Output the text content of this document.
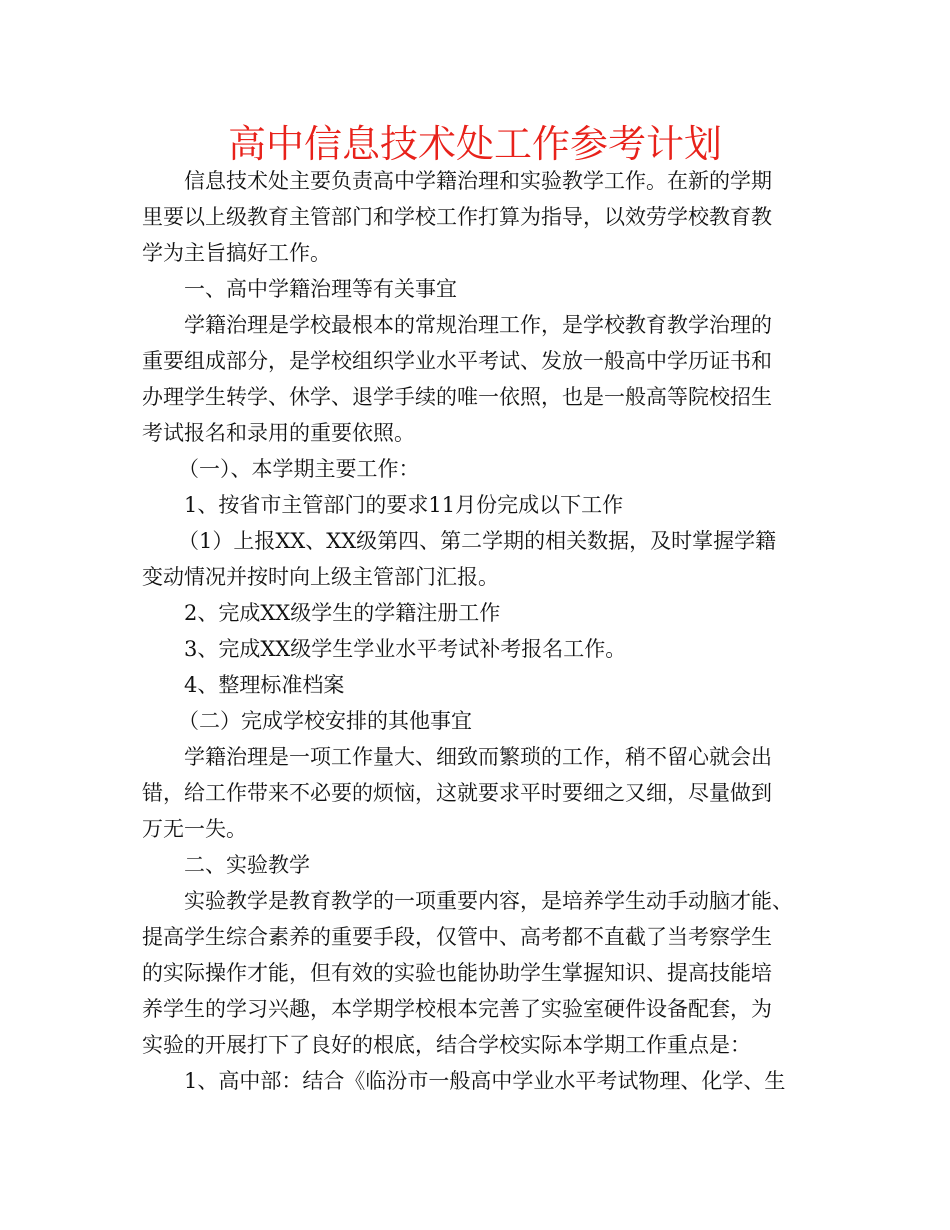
高中信息技术处工作参考计划
信息技术处主要负责高中学籍治理和实验教学工作。在新的学期
里要以上级教育主管部门和学校工作打算为指导，以效劳学校教育教
学为主旨搞好工作。
一、高中学籍治理等有关事宜
学籍治理是学校最根本的常规治理工作，是学校教育教学治理的
重要组成部分，是学校组织学业水平考试、发放一般高中学历证书和
办理学生转学、休学、退学手续的唯一依照，也是一般高等院校招生
考试报名和录用的重要依照。
（一）、本学期主要工作：
1、按省市主管部门的要求11月份完成以下工作
（1）上报XX、XX级第四、第二学期的相关数据，及时掌握学籍
变动情况并按时向上级主管部门汇报。
2、完成XX级学生的学籍注册工作
3、完成XX级学生学业水平考试补考报名工作。
4、整理标准档案
（二）完成学校安排的其他事宜
学籍治理是一项工作量大、细致而繁琐的工作，稍不留心就会出
错，给工作带来不必要的烦恼，这就要求平时要细之又细，尽量做到
万无一失。
二、实验教学
实验教学是教育教学的一项重要内容，是培养学生动手动脑才能、
提高学生综合素养的重要手段，仅管中、高考都不直截了当考察学生
的实际操作才能，但有效的实验也能协助学生掌握知识、提高技能培
养学生的学习兴趣，本学期学校根本完善了实验室硬件设备配套，为
实验的开展打下了良好的根底，结合学校实际本学期工作重点是：
1、高中部：结合《临汾市一般高中学业水平考试物理、化学、生
